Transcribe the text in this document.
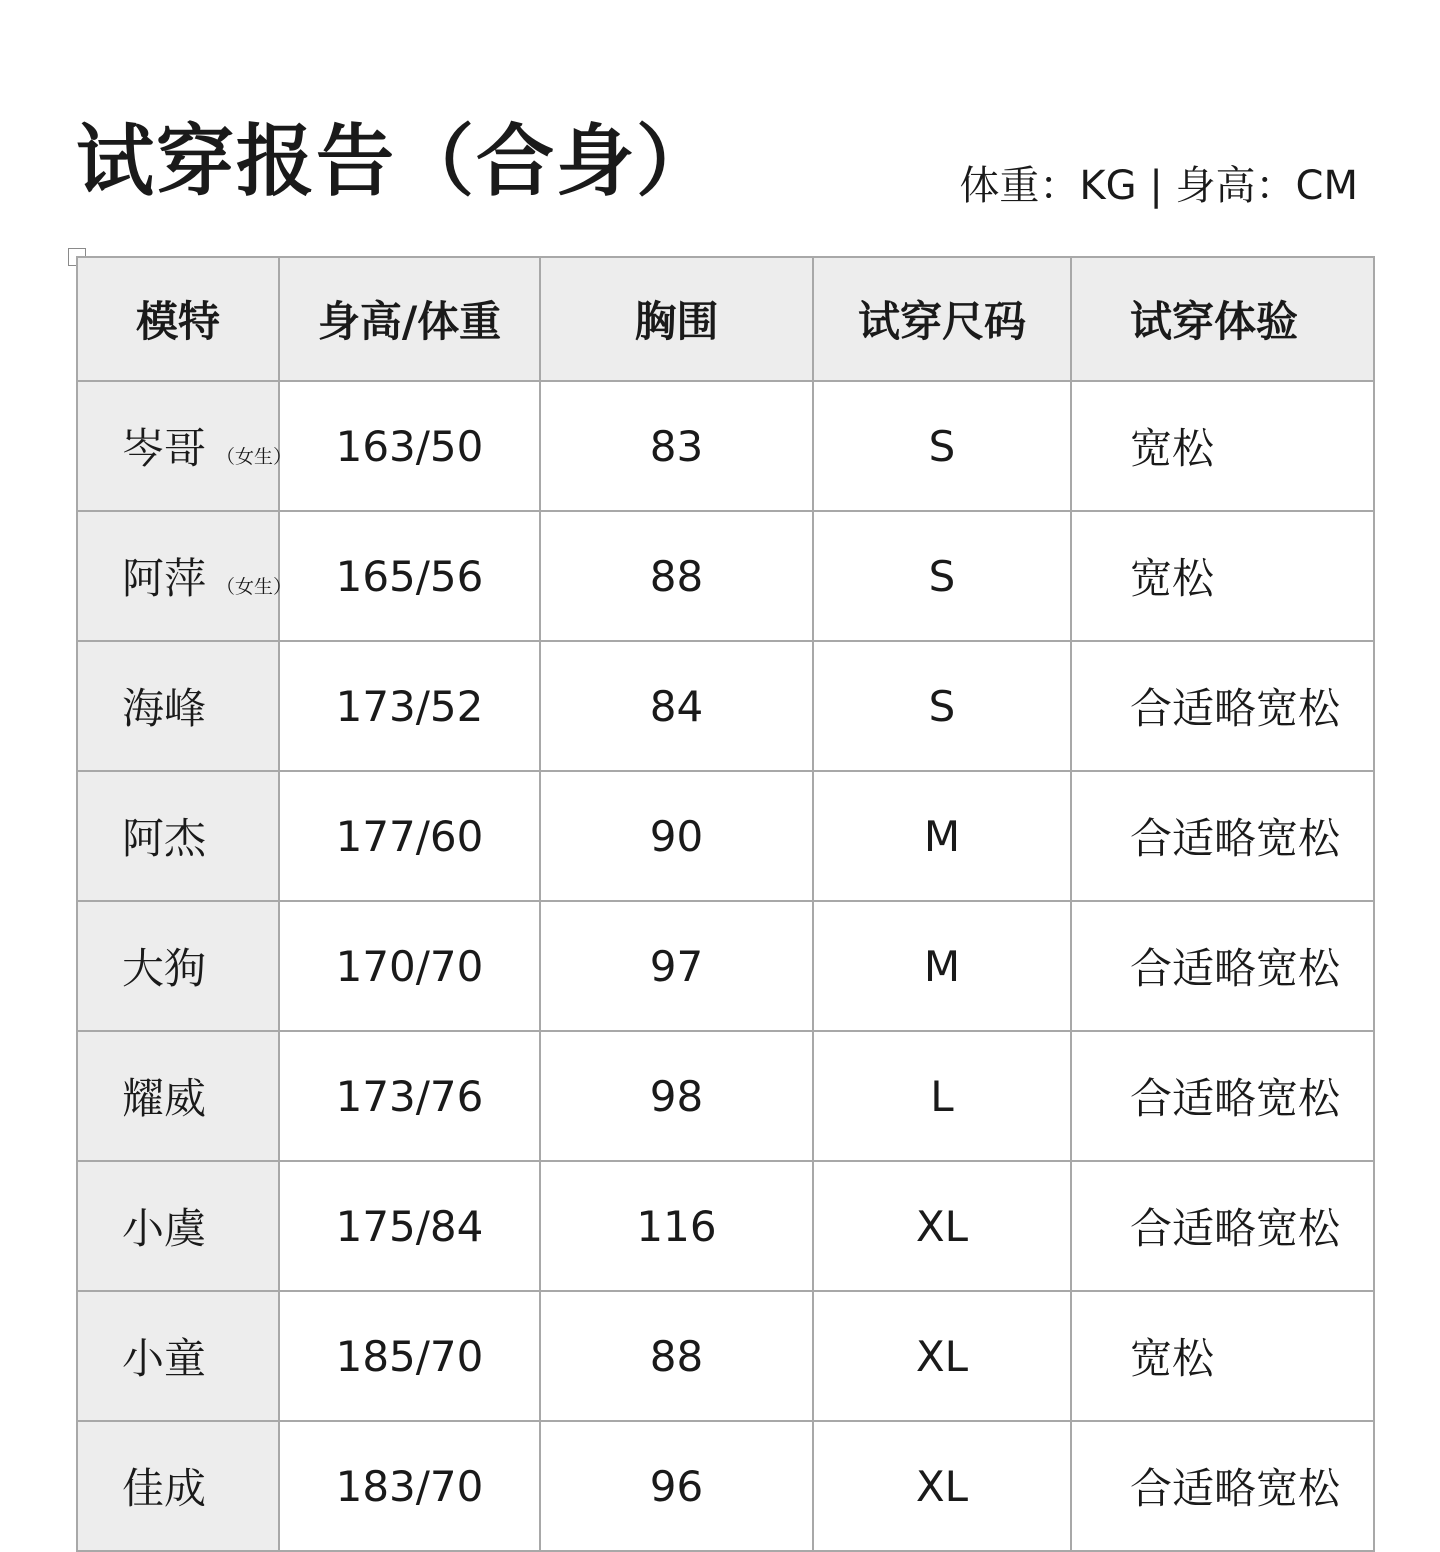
试穿报告（合身）	体重：KG | 身高：CM
模特	身高/体重	胸围	试穿尺码	试穿体验
岑哥 （女生）	163/50	83	S	宽松
阿萍 （女生）	165/56	88	S	宽松
海峰	173/52	84	S	合适略宽松
阿杰	177/60	90	M	合适略宽松
大狗	170/70	97	M	合适略宽松
耀威	173/76	98	L	合适略宽松
小虞	175/84	116	XL	合适略宽松
小童	185/70	88	XL	宽松
佳成	183/70	96	XL	合适略宽松
